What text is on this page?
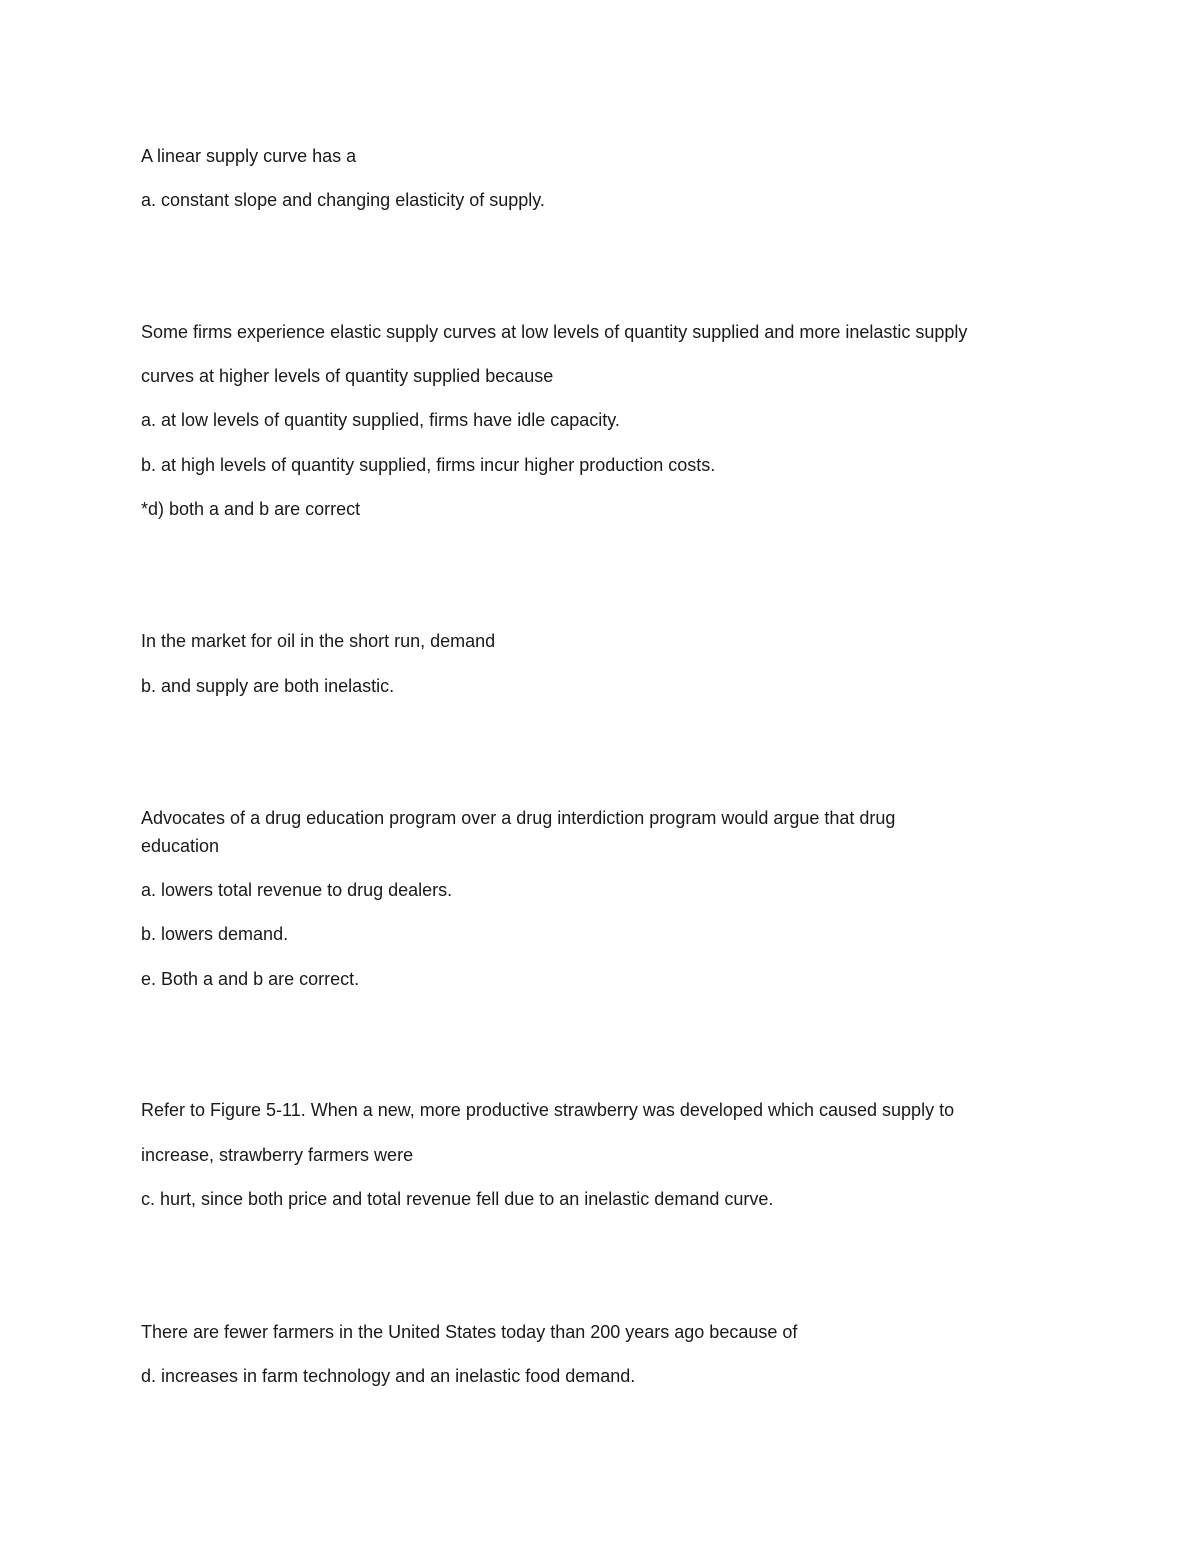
A linear supply curve has a

a. constant slope and changing elasticity of supply.

Some firms experience elastic supply curves at low levels of quantity supplied and more inelastic supply

curves at higher levels of quantity supplied because

a. at low levels of quantity supplied, firms have idle capacity.

b. at high levels of quantity supplied, firms incur higher production costs.

*d) both a and b are correct

In the market for oil in the short run, demand

b. and supply are both inelastic.

Advocates of a drug education program over a drug interdiction program would argue that drug

education

a. lowers total revenue to drug dealers.

b. lowers demand.

e. Both a and b are correct.

Refer to Figure 5-11. When a new, more productive strawberry was developed which caused supply to

increase, strawberry farmers were

c. hurt, since both price and total revenue fell due to an inelastic demand curve.

There are fewer farmers in the United States today than 200 years ago because of

d. increases in farm technology and an inelastic food demand.
